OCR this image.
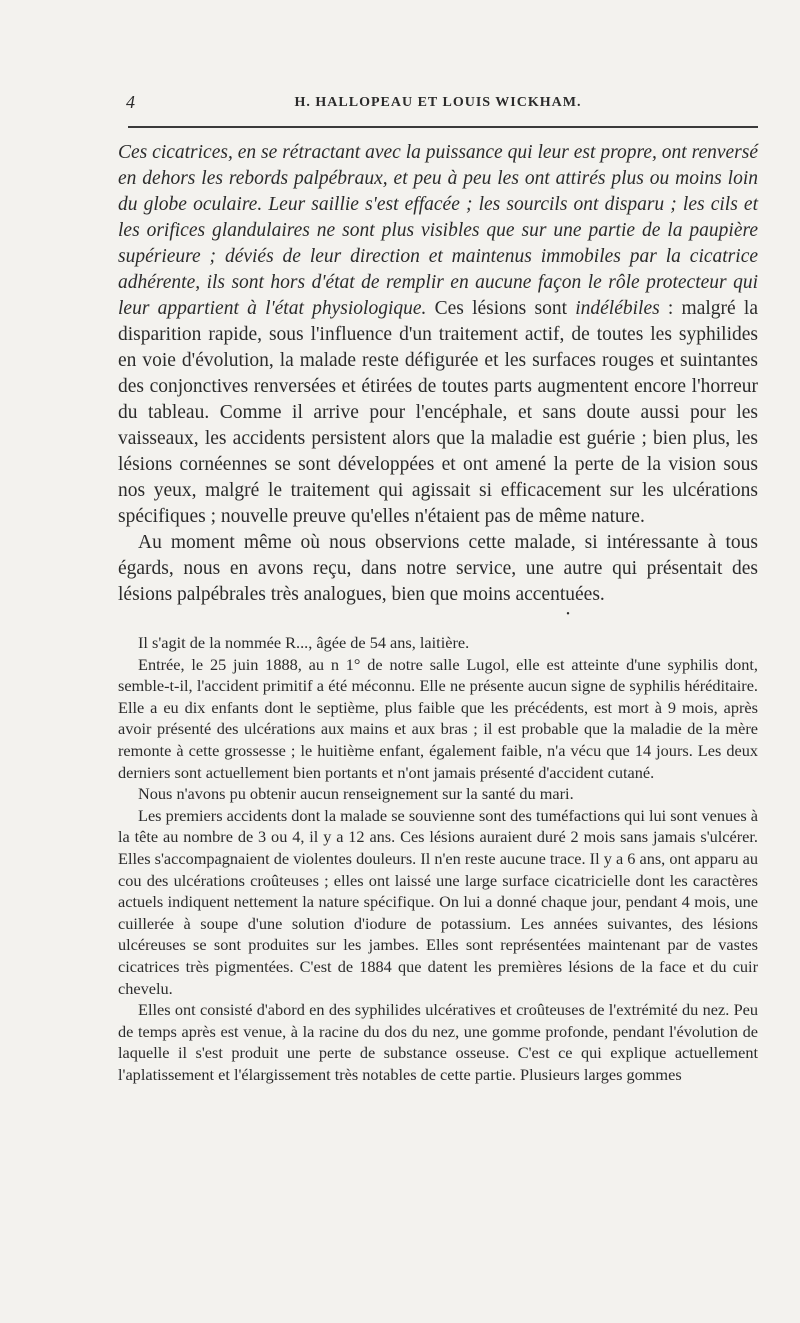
4	H. HALLOPEAU ET LOUIS WICKHAM.

Ces cicatrices, en se rétractant avec la puissance qui leur est propre, ont renversé en dehors les rebords palpébraux, et peu à peu les ont attirés plus ou moins loin du globe oculaire. Leur saillie s'est effacée ; les sourcils ont disparu ; les cils et les orifices glandulaires ne sont plus visibles que sur une partie de la paupière supérieure ; déviés de leur direction et maintenus immobiles par la cicatrice adhérente, ils sont hors d'état de remplir en aucune façon le rôle protecteur qui leur appartient à l'état physiologique. Ces lésions sont indélébiles : malgré la disparition rapide, sous l'influence d'un traitement actif, de toutes les syphilides en voie d'évolution, la malade reste défigurée et les surfaces rouges et suintantes des conjonctives renversées et étirées de toutes parts augmentent encore l'horreur du tableau. Comme il arrive pour l'encéphale, et sans doute aussi pour les vaisseaux, les accidents persistent alors que la maladie est guérie ; bien plus, les lésions cornéennes se sont développées et ont amené la perte de la vision sous nos yeux, malgré le traitement qui agissait si efficacement sur les ulcérations spécifiques ; nouvelle preuve qu'elles n'étaient pas de même nature.

Au moment même où nous observions cette malade, si intéressante à tous égards, nous en avons reçu, dans notre service, une autre qui présentait des lésions palpébrales très analogues, bien que moins accentuées.

•

Il s'agit de la nommée R..., âgée de 54 ans, laitière.

Entrée, le 25 juin 1888, au n 1° de notre salle Lugol, elle est atteinte d'une syphilis dont, semble-t-il, l'accident primitif a été méconnu. Elle ne présente aucun signe de syphilis héréditaire. Elle a eu dix enfants dont le septième, plus faible que les précédents, est mort à 9 mois, après avoir présenté des ulcérations aux mains et aux bras ; il est probable que la maladie de la mère remonte à cette grossesse ; le huitième enfant, également faible, n'a vécu que 14 jours. Les deux derniers sont actuellement bien portants et n'ont jamais présenté d'accident cutané.

Nous n'avons pu obtenir aucun renseignement sur la santé du mari.

Les premiers accidents dont la malade se souvienne sont des tuméfactions qui lui sont venues à la tête au nombre de 3 ou 4, il y a 12 ans. Ces lésions auraient duré 2 mois sans jamais s'ulcérer. Elles s'accompagnaient de violentes douleurs. Il n'en reste aucune trace. Il y a 6 ans, ont apparu au cou des ulcérations croûteuses ; elles ont laissé une large surface cicatricielle dont les caractères actuels indiquent nettement la nature spécifique. On lui a donné chaque jour, pendant 4 mois, une cuillerée à soupe d'une solution d'iodure de potassium. Les années suivantes, des lésions ulcéreuses se sont produites sur les jambes. Elles sont représentées maintenant par de vastes cicatrices très pigmentées. C'est de 1884 que datent les premières lésions de la face et du cuir chevelu.

Elles ont consisté d'abord en des syphilides ulcératives et croûteuses de l'extrémité du nez. Peu de temps après est venue, à la racine du dos du nez, une gomme profonde, pendant l'évolution de laquelle il s'est produit une perte de substance osseuse. C'est ce qui explique actuellement l'aplatissement et l'élargissement très notables de cette partie. Plusieurs larges gommes
